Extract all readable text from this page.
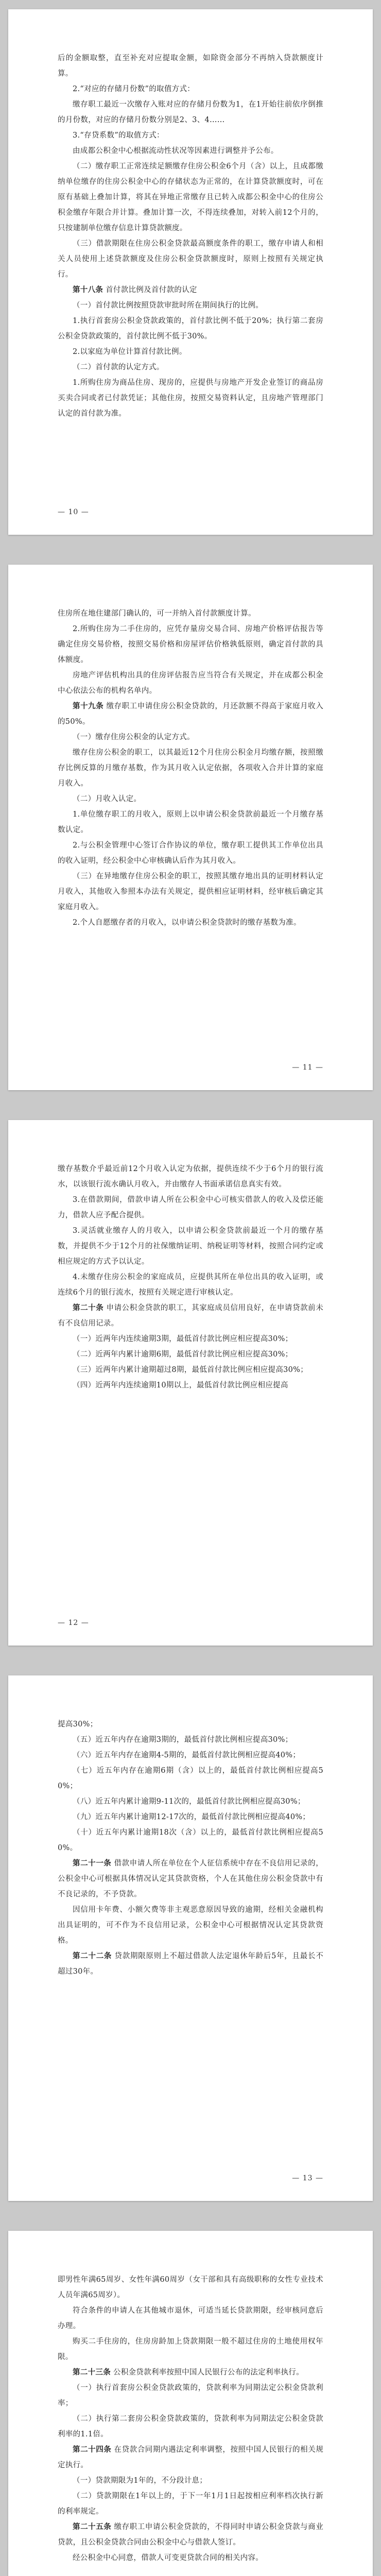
后的金额取整，直至补充对应提取金额，如除资金部分不再纳入贷款额度计算。

2.“对应的存储月份数”的取值方式：

缴存职工最近一次缴存入账对应的存储月份数为1，在1开始往前依序倒推的月份数，对应的存储月份数分别是2、3、4……

3.“存贷系数”的取值方式：

由成都公积金中心根据流动性状况等因素进行调整并予公布。

（二）缴存职工正常连续足额缴存住房公积金6个月（含）以上，且成都缴纳单位缴存的住房公积金中心的存储状态为正常的，在计算贷款额度时，可在原有基础上叠加计算，将其在异地正常缴存且已转入成都公积金中心的住房公积金缴存年限合并计算。叠加计算一次，不得连续叠加，对转入前12个月的，只按建制单位缴存信息计算贷款额度。

（三）借款期限在住房公积金贷款最高额度条件的职工，缴存申请人和相关人员使用上述贷款额度及住房公积金贷款额度时，原则上按照有关规定执行。

第十八条 首付款比例及首付款的认定

（一）首付款比例按照贷款审批时所在期间执行的比例。

1.执行首套房公积金贷款政策的，首付款比例不低于20%；执行第二套房公积金贷款政策的，首付款比例不低于30%。

2.以家庭为单位计算首付款比例。

（二）首付款的认定方式。

1.所购住房为商品住房、现房的，应提供与房地产开发企业签订的商品房买卖合同或者已付款凭证；其他住房，按照交易资料认定，且房地产管理部门认定的首付款为准。

— 10 —

住房所在地住建部门确认的，可一并纳入首付款额度计算。

2.所购住房为二手住房的，应凭存量房交易合同、房地产价格评估报告等确定住房交易价格，按照交易价格和房屋评估价格孰低原则，确定首付款的具体额度。

房地产评估机构出具的住房评估报告应当符合有关规定，并在成都公积金中心依法公布的机构名单内。

第十九条 缴存职工申请住房公积金贷款的，月还款额不得高于家庭月收入的50%。

（一）缴存住房公积金的认定方式。

缴存住房公积金的职工，以其最近12个月住房公积金月均缴存额，按照缴存比例反算的月缴存基数，作为其月收入认定依据，各项收入合并计算的家庭月收入。

（二）月收入认定。

1.单位缴存职工的月收入，原则上以申请公积金贷款前最近一个月缴存基数认定。

2.与公积金管理中心签订合作协议的单位，缴存职工提供其工作单位出具的收入证明，经公积金中心审核确认后作为其月收入。

（三）在异地缴存住房公积金的职工，按照其缴存地出具的证明材料认定月收入，其他收入参照本办法有关规定，提供相应证明材料，经审核后确定其家庭月收入。

2.个人自愿缴存者的月收入，以申请公积金贷款时的缴存基数为准。

— 11 —

缴存基数介乎最近前12个月收入认定为依据，提供连续不少于6个月的银行流水，以该银行流水确认月收入，并由缴存人书面承诺信息真实有效。

3.在借款期间，借款申请人所在公积金中心可核实借款人的收入及偿还能力，借款人应予配合提供。

3.灵活就业缴存人的月收入，以申请公积金贷款前最近一个月的缴存基数，并提供不少于12个月的社保缴纳证明、纳税证明等材料，按照合同约定或相应规定的方式予以认定。

4.未缴存住房公积金的家庭成员，应提供其所在单位出具的收入证明，或连续6个月的银行流水，按照有关规定进行审核认定。

第二十条 申请公积金贷款的职工，其家庭成员信用良好，在申请贷款前未有不良信用记录。

（一）近两年内连续逾期3期，最低首付款比例应相应提高30%；

（二）近两年内累计逾期6期，最低首付款比例应相应提高30%；

（三）近两年内累计逾期超过8期，最低首付款比例应相应提高30%；

（四）近两年内连续逾期10期以上，最低首付款比例应相应提高

— 12 —

提高30%；

（五）近五年内存在逾期3期的，最低首付款比例相应提高30%；

（六）近五年内存在逾期4-5期的，最低首付款比例相应提高40%；

（七）近五年内存在逾期6期（含）以上的，最低首付款比例相应提高50%；

（八）近五年内累计逾期9-11次的，最低首付款比例相应提高30%；

（九）近五年内累计逾期12-17次的，最低首付款比例相应提高40%；

（十）近五年内累计逾期18次（含）以上的，最低首付款比例相应提高50%。

第二十一条 借款申请人所在单位在个人征信系统中存在不良信用记录的，公积金中心可根据具体情况认定其贷款资格，个人在其他住房公积金贷款中有不良记录的，不予贷款。

因信用卡年费、小额欠费等非主观恶意原因导致的逾期，经相关金融机构出具证明的，可不作为不良信用记录，公积金中心可根据情况认定其贷款资格。

第二十二条 贷款期限原则上不超过借款人法定退休年龄后5年，且最长不超过30年。

— 13 —

即男性年满65周岁、女性年满60周岁（女干部和具有高级职称的女性专业技术人员年满65周岁）。

符合条件的申请人在其他城市退休，可适当延长贷款期限，经审核同意后办理。

购买二手住房的，住房房龄加上贷款期限一般不超过住房的土地使用权年限。

第二十三条 公积金贷款利率按照中国人民银行公布的法定利率执行。

（一）执行首套房公积金贷款政策的，贷款利率为同期法定公积金贷款利率；

（二）执行第二套房公积金贷款政策的，贷款利率为同期法定公积金贷款利率的1.1倍。

第二十四条 在贷款合同期内遇法定利率调整，按照中国人民银行的相关规定执行。

（一）贷款期限为1年的，不分段计息；

（二）贷款期限在1年以上的，于下一年1月1日起按相应利率档次执行新的利率规定。

第二十五条 缴存职工申请公积金贷款的，不得同时申请公积金贷款与商业贷款，且公积金贷款合同由公积金中心与借款人签订。

经公积金中心同意，借款人可变更贷款合同的相关内容。
